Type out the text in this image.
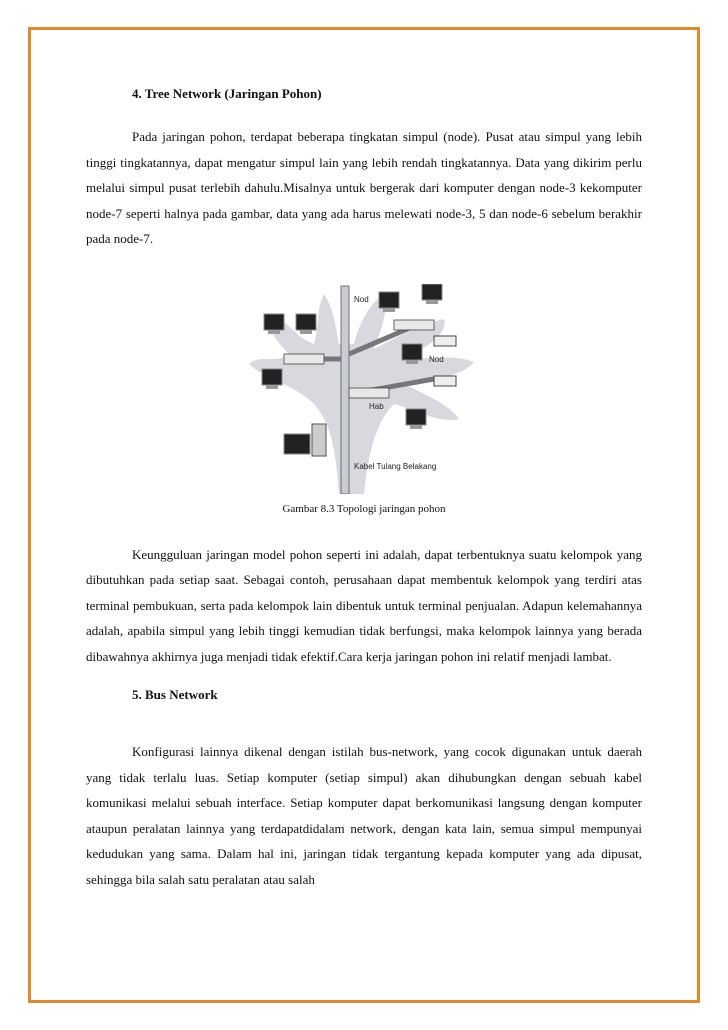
4. Tree Network (Jaringan Pohon)

Pada jaringan pohon, terdapat beberapa tingkatan simpul (node). Pusat atau simpul yang lebih tinggi tingkatannya, dapat mengatur simpul lain yang lebih rendah tingkatannya. Data yang dikirim perlu melalui simpul pusat terlebih dahulu.Misalnya untuk bergerak dari komputer dengan node-3 kekomputer node-7 seperti halnya pada gambar, data yang ada harus melewati node-3, 5 dan node-6 sebelum berakhir pada node-7.

Nod
Nod
Hab
Kabel Tulang Belakang

Gambar 8.3 Topologi jaringan pohon

Keungguluan jaringan model pohon seperti ini adalah, dapat terbentuknya suatu kelompok yang dibutuhkan pada setiap saat. Sebagai contoh, perusahaan dapat membentuk kelompok yang terdiri atas terminal pembukuan, serta pada kelompok lain dibentuk untuk terminal penjualan. Adapun kelemahannya adalah, apabila simpul yang lebih tinggi kemudian tidak berfungsi, maka kelompok lainnya yang berada dibawahnya akhirnya juga menjadi tidak efektif.Cara kerja jaringan pohon ini relatif menjadi lambat.

5. Bus Network

Konfigurasi lainnya dikenal dengan istilah bus-network, yang cocok digunakan untuk daerah yang tidak terlalu luas. Setiap komputer (setiap simpul) akan dihubungkan dengan sebuah kabel komunikasi melalui sebuah interface. Setiap komputer dapat berkomunikasi langsung dengan komputer ataupun peralatan lainnya yang terdapatdidalam network, dengan kata lain, semua simpul mempunyai kedudukan yang sama. Dalam hal ini, jaringan tidak tergantung kepada komputer yang ada dipusat, sehingga bila salah satu peralatan atau salah
